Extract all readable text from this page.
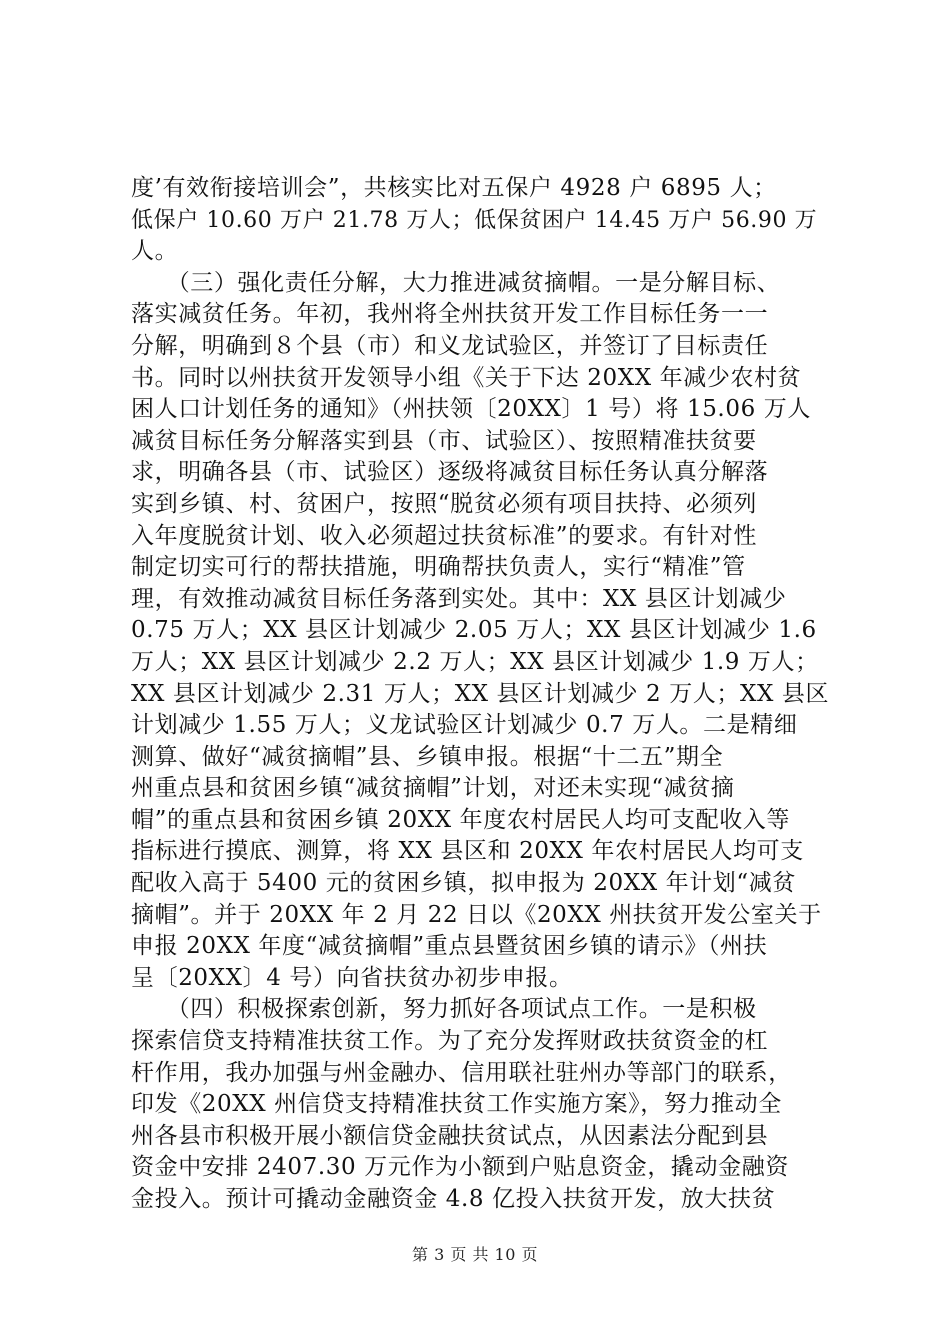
度’有效衔接培训会”，共核实比对五保户 4928 户 6895 人；
低保户 10.60 万户 21.78 万人；低保贫困户 14.45 万户 56.90 万
人。
　　（三）强化责任分解，大力推进减贫摘帽。一是分解目标、
落实减贫任务。年初，我州将全州扶贫开发工作目标任务一一
分解，明确到８个县（市）和义龙试验区，并签订了目标责任
书。同时以州扶贫开发领导小组《关于下达 20XX 年减少农村贫
困人口计划任务的通知》（州扶领〔20XX〕1 号）将 15.06 万人
减贫目标任务分解落实到县（市、试验区）、按照精准扶贫要
求，明确各县（市、试验区）逐级将减贫目标任务认真分解落
实到乡镇、村、贫困户，按照“脱贫必须有项目扶持、必须列
入年度脱贫计划、收入必须超过扶贫标准”的要求。有针对性
制定切实可行的帮扶措施，明确帮扶负责人，实行“精准”管
理，有效推动减贫目标任务落到实处。其中：XX 县区计划减少
0.75 万人；XX 县区计划减少 2.05 万人；XX 县区计划减少 1.6
万人；XX 县区计划减少 2.2 万人；XX 县区计划减少 1.9 万人；
XX 县区计划减少 2.31 万人；XX 县区计划减少 2 万人；XX 县区
计划减少 1.55 万人；义龙试验区计划减少 0.7 万人。二是精细
测算、做好“减贫摘帽”县、乡镇申报。根据“十二五”期全
州重点县和贫困乡镇“减贫摘帽”计划，对还未实现“减贫摘
帽”的重点县和贫困乡镇 20XX 年度农村居民人均可支配收入等
指标进行摸底、测算，将 XX 县区和 20XX 年农村居民人均可支
配收入高于 5400 元的贫困乡镇，拟申报为 20XX 年计划“减贫
摘帽”。并于 20XX 年 2 月 22 日以《20XX 州扶贫开发公室关于
申报 20XX 年度“减贫摘帽”重点县暨贫困乡镇的请示》（州扶
呈〔20XX〕4 号）向省扶贫办初步申报。
　　（四）积极探索创新，努力抓好各项试点工作。一是积极
探索信贷支持精准扶贫工作。为了充分发挥财政扶贫资金的杠
杆作用，我办加强与州金融办、信用联社驻州办等部门的联系，
印发《20XX 州信贷支持精准扶贫工作实施方案》，努力推动全
州各县市积极开展小额信贷金融扶贫试点，从因素法分配到县
资金中安排 2407.30 万元作为小额到户贴息资金，撬动金融资
金投入。预计可撬动金融资金 4.8 亿投入扶贫开发，放大扶贫
第 3 页 共 10 页
